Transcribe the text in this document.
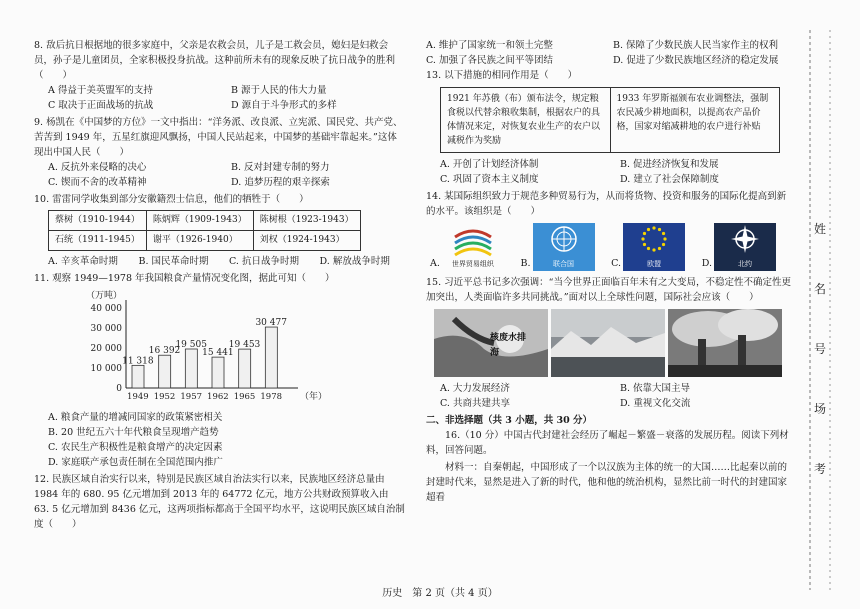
8. 敌后抗日根据地的很多家庭中，父亲是农救会员，儿子是工救会员，媳妇是妇救会员，孙子是儿童团员，全家积极投身抗战。这种前所未有的现象反映了抗日战争的胜利（　　）
A 得益于美英盟军的支持	B 源于人民的伟大力量
C 取决于正面战场的抗战	D 源自于斗争形式的多样
9. 杨凯在《中国梦的方位》一文中指出：“洋务派、改良派、立宪派、国民党、共产党、苦苦到 1949 年，五星红旗迎风飘扬，中国人民站起来，中国梦的基础牢靠起来。”这体现出中国人民（　　）
A. 反抗外来侵略的决心	B. 反对封建专制的努力
C. 锲而不舍的改革精神	D. 追梦历程的艰辛探索
10. 雷雷同学收集到部分安徽籍烈士信息，他们的牺牲于（　　）
蔡树（1910-1944）	陈炳辉（1909-1943）	陈树根（1923-1943）
石统（1911-1945）	谢平（1926-1940）	刘权（1924-1943）
A. 辛亥革命时期	B. 国民革命时期	C. 抗日战争时期	D. 解放战争时期
11. 观察 1949—1978 年我国粮食产量情况变化图，据此可知（　　）
（万吨）
0
10 000
20 000
30 000
40 000
11 318
1949
16 392
1952
19 505
1957
15 441
1962
19 453
1965
30 477
1978 （年）
A. 粮食产量的增减同国家的政策紧密相关
B. 20 世纪五六十年代粮食呈现增产趋势
C. 农民生产积极性是粮食增产的决定因素
D. 家庭联产承包责任制在全国范围内推广
12. 民族区域自治实行以来，特别是民族区域自治法实行以来，民族地区经济总量由 1984 年的 680. 95 亿元增加到 2013 年的 64772 亿元，地方公共财政预算收入由 63. 5 亿元增加到 8436 亿元，这两项指标都高于全国平均水平，这说明民族区域自治制度（　　）
A. 维护了国家统一和领土完整	B. 保障了少数民族人民当家作主的权利
C. 加强了各民族之间平等团结	D. 促进了少数民族地区经济的稳定发展
13. 以下措施的相同作用是（　　）
1921 年苏俄（布）颁布法令，规定粮食税以代替余粮收集制，根据农户的具体情况来定，对恢复农业生产的农户以减税作为奖励
1933 年罗斯福颁布农业调整法，强制农民减少耕地面积，以提高农产品价格，国家对缩减耕地的农户进行补贴
A. 开创了计划经济体制	B. 促进经济恢复和发展
C. 巩固了资本主义制度	D. 建立了社会保障制度
14. 某国际组织致力于规范多种贸易行为，从而将货物、投资和服务的国际化提高到新的水平。该组织是（　　）
A. 世界贸易组织	B.	联合国	C.	欧盟	D.	北约
15. 习近平总书记多次强调：“当今世界正面临百年未有之大变局，不稳定性不确定性更加突出，人类面临许多共同挑战。”面对以上全球性问题，国际社会应该（　　）
核废水排海
A. 大力发展经济	B. 依靠大国主导
C. 共商共建共享	D. 重视文化交流
二、非选择题（共 3 小题，共 30 分）
16.（10 分）中国古代封建社会经历了崛起－繁盛－衰落的发展历程。阅读下列材料，回答问题。
材料一：自秦朝起，中国形成了一个以汉族为主体的统一的大国……比起秦以前的封建时代来，显然是进入了新的时代，他和他的统治机构，显然比前一时代的封建国家超看
历史　第 2 页（共 4 页）
姓
名
号
场
考
